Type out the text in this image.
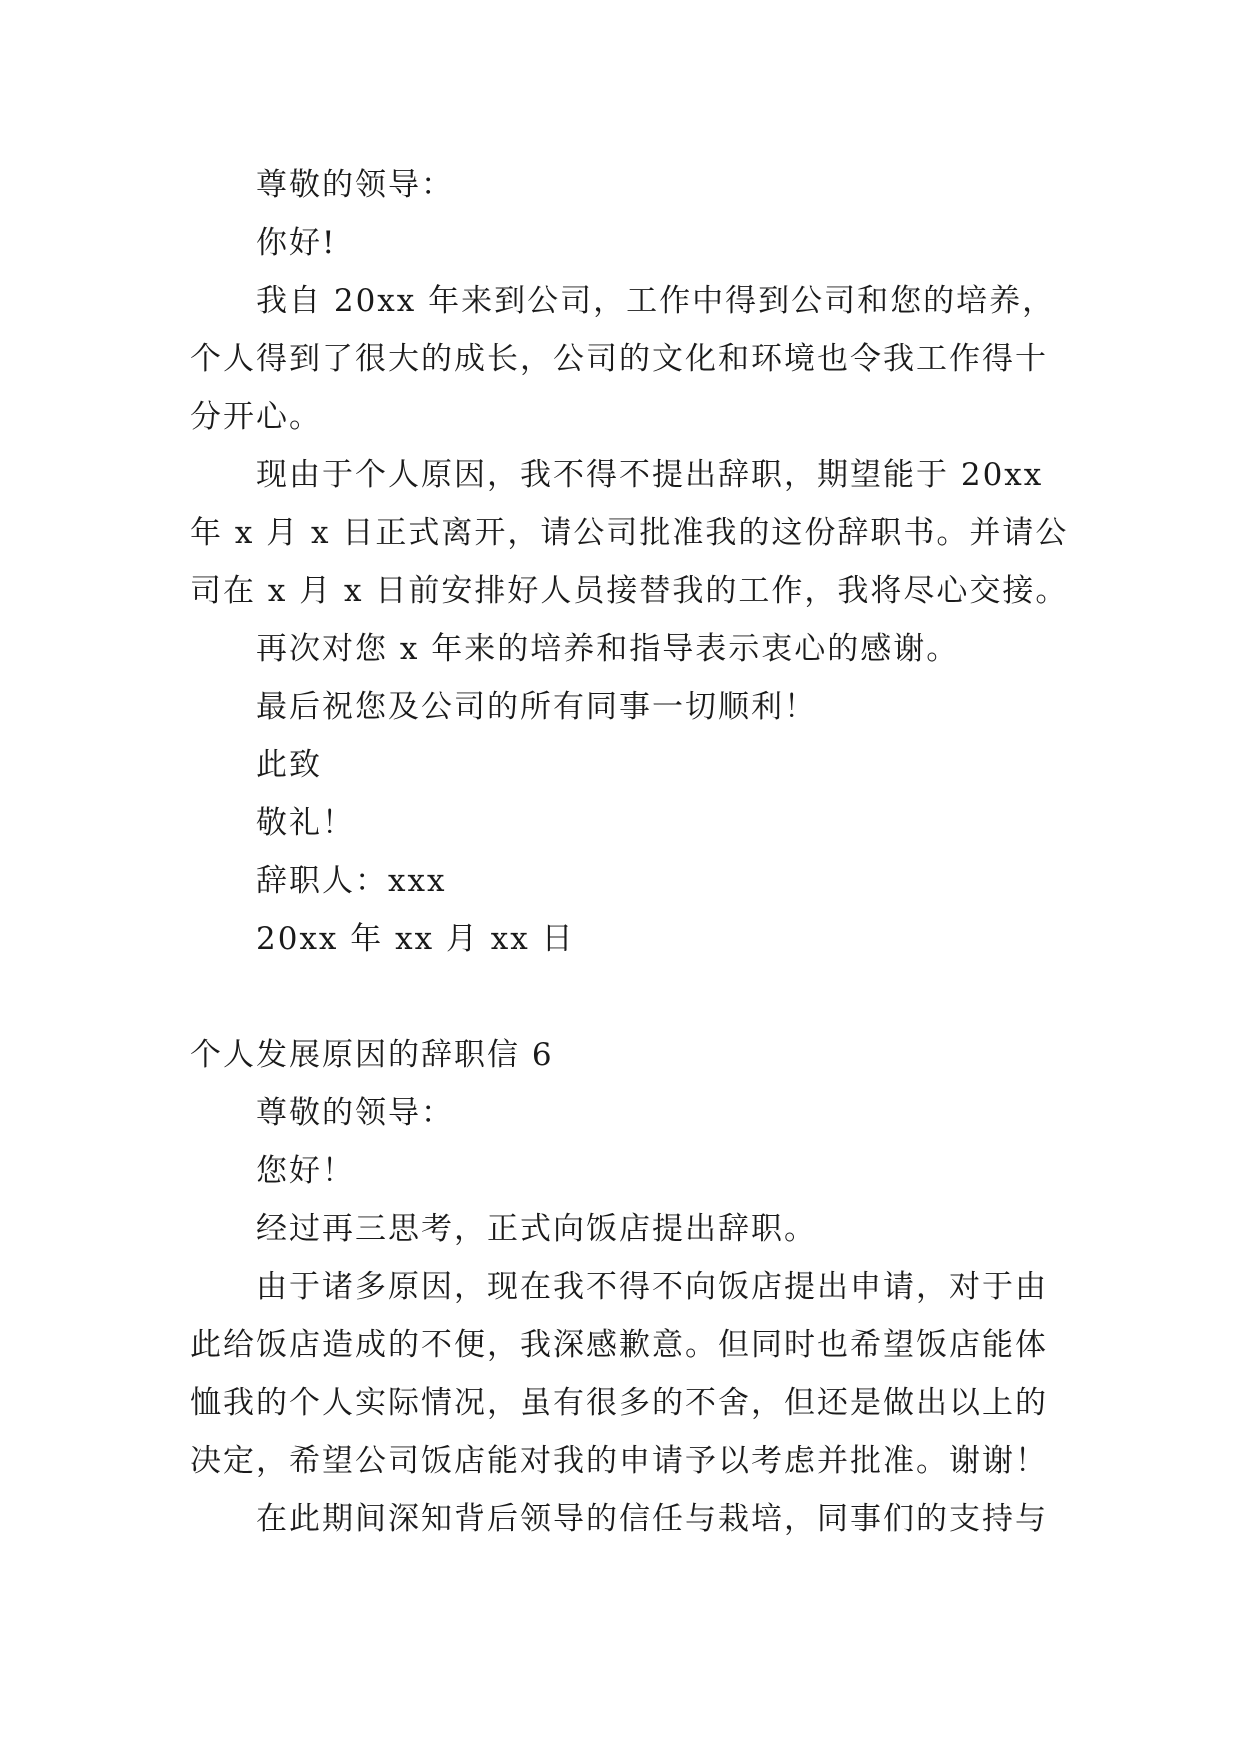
尊敬的领导：
你好!
我自 20xx 年来到公司，工作中得到公司和您的培养，
个人得到了很大的成长，公司的文化和环境也令我工作得十
分开心。
现由于个人原因，我不得不提出辞职，期望能于 20xx
年 x 月 x 日正式离开，请公司批准我的这份辞职书。并请公
司在 x 月 x 日前安排好人员接替我的工作，我将尽心交接。
再次对您 x 年来的培养和指导表示衷心的感谢。
最后祝您及公司的所有同事一切顺利！
此致
敬礼！
辞职人：xxx
20xx 年 xx 月 xx 日
个人发展原因的辞职信 6
尊敬的领导：
您好！
经过再三思考，正式向饭店提出辞职。
由于诸多原因，现在我不得不向饭店提出申请，对于由
此给饭店造成的不便，我深感歉意。但同时也希望饭店能体
恤我的个人实际情况，虽有很多的不舍，但还是做出以上的
决定，希望公司饭店能对我的申请予以考虑并批准。谢谢！
在此期间深知背后领导的信任与栽培，同事们的支持与
